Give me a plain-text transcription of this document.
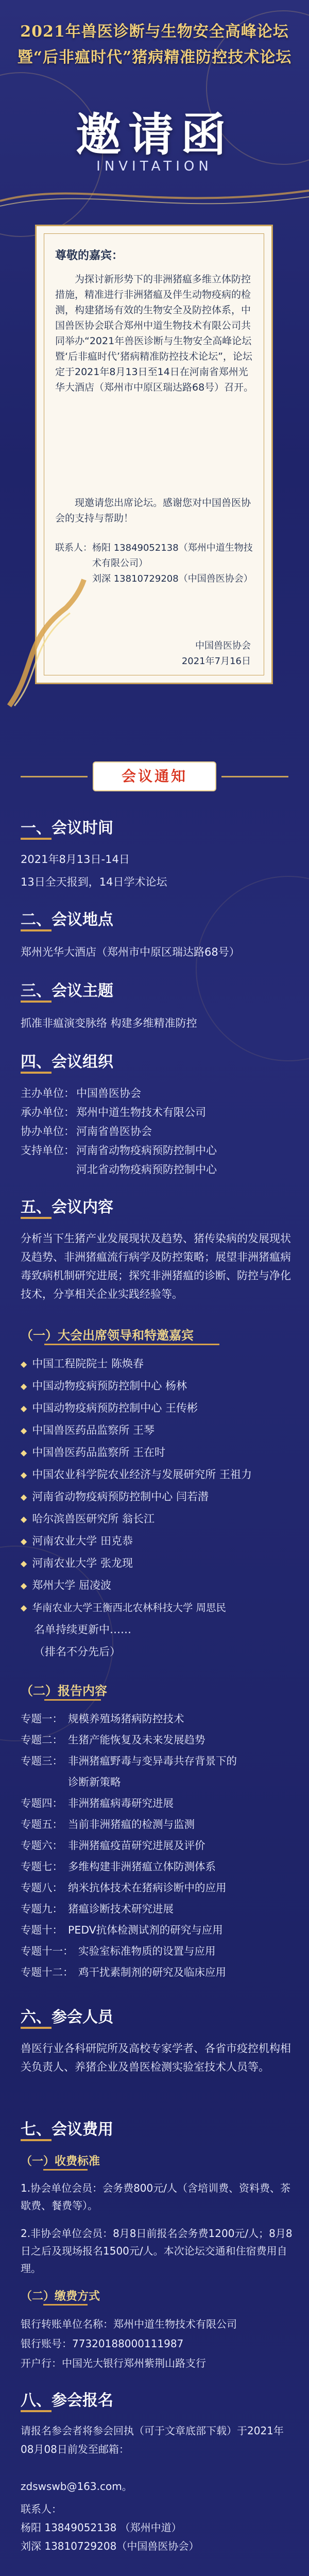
2021年兽医诊断与生物安全高峰论坛
暨“后非瘟时代”猪病精准防控技术论坛
邀请函
INVITATION
尊敬的嘉宾：
为探讨新形势下的非洲猪瘟多维立体防控措施，精准进行非洲猪瘟及伴生动物疫病的检测，构建猪场有效的生物安全及防控体系，中国兽医协会联合郑州中道生物技术有限公司共同举办“2021年兽医诊断与生物安全高峰论坛暨‘后非瘟时代’猪病精准防控技术论坛”，论坛定于2021年8月13日至14日在河南省郑州光华大酒店（郑州市中原区瑞达路68号）召开。
现邀请您出席论坛。感谢您对中国兽医协会的支持与帮助！
联系人： 杨阳 13849052138（郑州中道生物技术有限公司）
刘深 13810729208（中国兽医协会）
中国兽医协会
2021年7月16日
会议通知
一、会议时间
2021年8月13日-14日
13日全天报到，14日学术论坛
二、会议地点
郑州光华大酒店（郑州市中原区瑞达路68号）
三、会议主题
抓准非瘟演变脉络 构建多维精准防控
四、会议组织
主办单位： 中国兽医协会
承办单位： 郑州中道生物技术有限公司
协办单位： 河南省兽医协会
支持单位： 河南省动物疫病预防控制中心
河北省动物疫病预防控制中心
五、会议内容
分析当下生猪产业发展现状及趋势、猪传染病的发展现状及趋势、非洲猪瘟流行病学及防控策略；展望非洲猪瘟病毒致病机制研究进展；探究非洲猪瘟的诊断、防控与净化技术，分享相关企业实践经验等。
（一）大会出席领导和特邀嘉宾
◆ 中国工程院院士 陈焕春
◆ 中国动物疫病预防控制中心 杨林
◆ 中国动物疫病预防控制中心 王传彬
◆ 中国兽医药品监察所 王琴
◆ 中国兽医药品监察所 王在时
◆ 中国农业科学院农业经济与发展研究所 王祖力
◆ 河南省动物疫病预防控制中心 闫若潜
◆ 哈尔滨兽医研究所 翁长江
◆ 河南农业大学 田克恭
◆ 河南农业大学 张龙现
◆ 郑州大学 屈凌波
◆ 华南农业大学王衡西北农林科技大学 周思民
名单持续更新中……
（排名不分先后）
（二）报告内容
专题一： 规模养殖场猪病防控技术
专题二： 生猪产能恢复及未来发展趋势
专题三： 非洲猪瘟野毒与变异毒共存背景下的
诊断新策略
专题四： 非洲猪瘟病毒研究进展
专题五： 当前非洲猪瘟的检测与监测
专题六： 非洲猪瘟疫苗研究进展及评价
专题七： 多维构建非洲猪瘟立体防测体系
专题八： 纳米抗体技术在猪病诊断中的应用
专题九： 猪瘟诊断技术研究进展
专题十： PEDV抗体检测试剂的研究与应用
专题十一： 实验室标准物质的设置与应用
专题十二： 鸡干扰素制剂的研究及临床应用
六、参会人员
兽医行业各科研院所及高校专家学者、各省市疫控机构相关负责人、养猪企业及兽医检测实验室技术人员等。
七、会议费用
（一）收费标准
1.协会单位会员：会务费800元/人（含培训费、资料费、茶歇费、餐费等）。
2.非协会单位会员：8月8日前报名会务费1200元/人；8月8日之后及现场报名1500元/人。本次论坛交通和住宿费用自理。
（二）缴费方式
银行转账单位名称：郑州中道生物技术有限公司
银行账号：77320188000111987
开户行：中国光大银行郑州紫荆山路支行
八、参会报名
请报名参会者将参会回执（可于文章底部下载）于2021年08月08日前发至邮箱：
zdswswb@163.com。
联系人：
杨阳 13849052138 （郑州中道）
刘深 13810729208（中国兽医协会）
